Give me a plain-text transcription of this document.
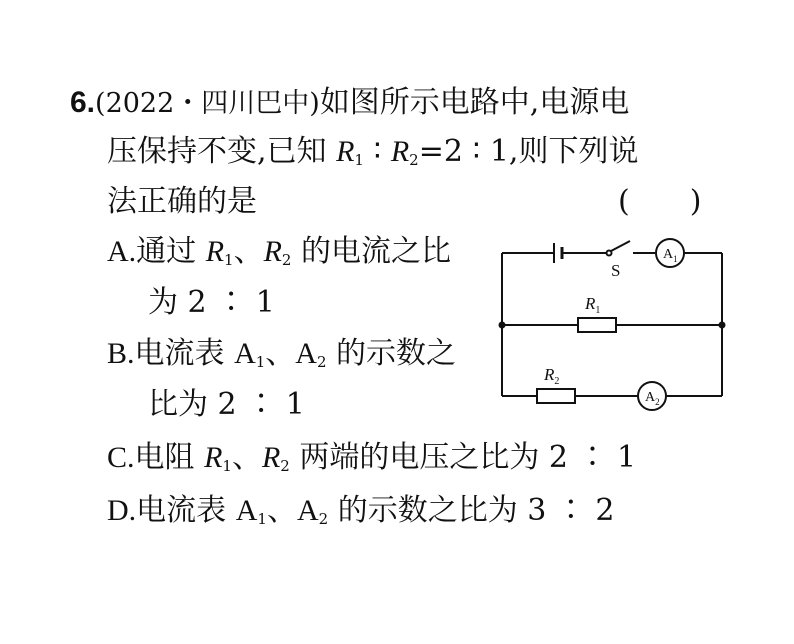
6.(2022・四川巴中)如图所示电路中,电源电
压保持不变,已知 $R_1$ ∶ $R_2=2$ ∶ 1,则下列说
法正确的是	(　　)
A.通过 $R_1$、$R_2$ 的电流之比
为 2 ∶ 1
B.电流表 $A_1$、$A_2$ 的示数之
比为 2 ∶ 1
C.电阻 $R_1$、$R_2$ 两端的电压之比为 2 ∶ 1
D.电流表 $A_1$、$A_2$ 的示数之比为 3 ∶ 2
S
$R_1$
$R_2$
$A_1$
$A_2$
